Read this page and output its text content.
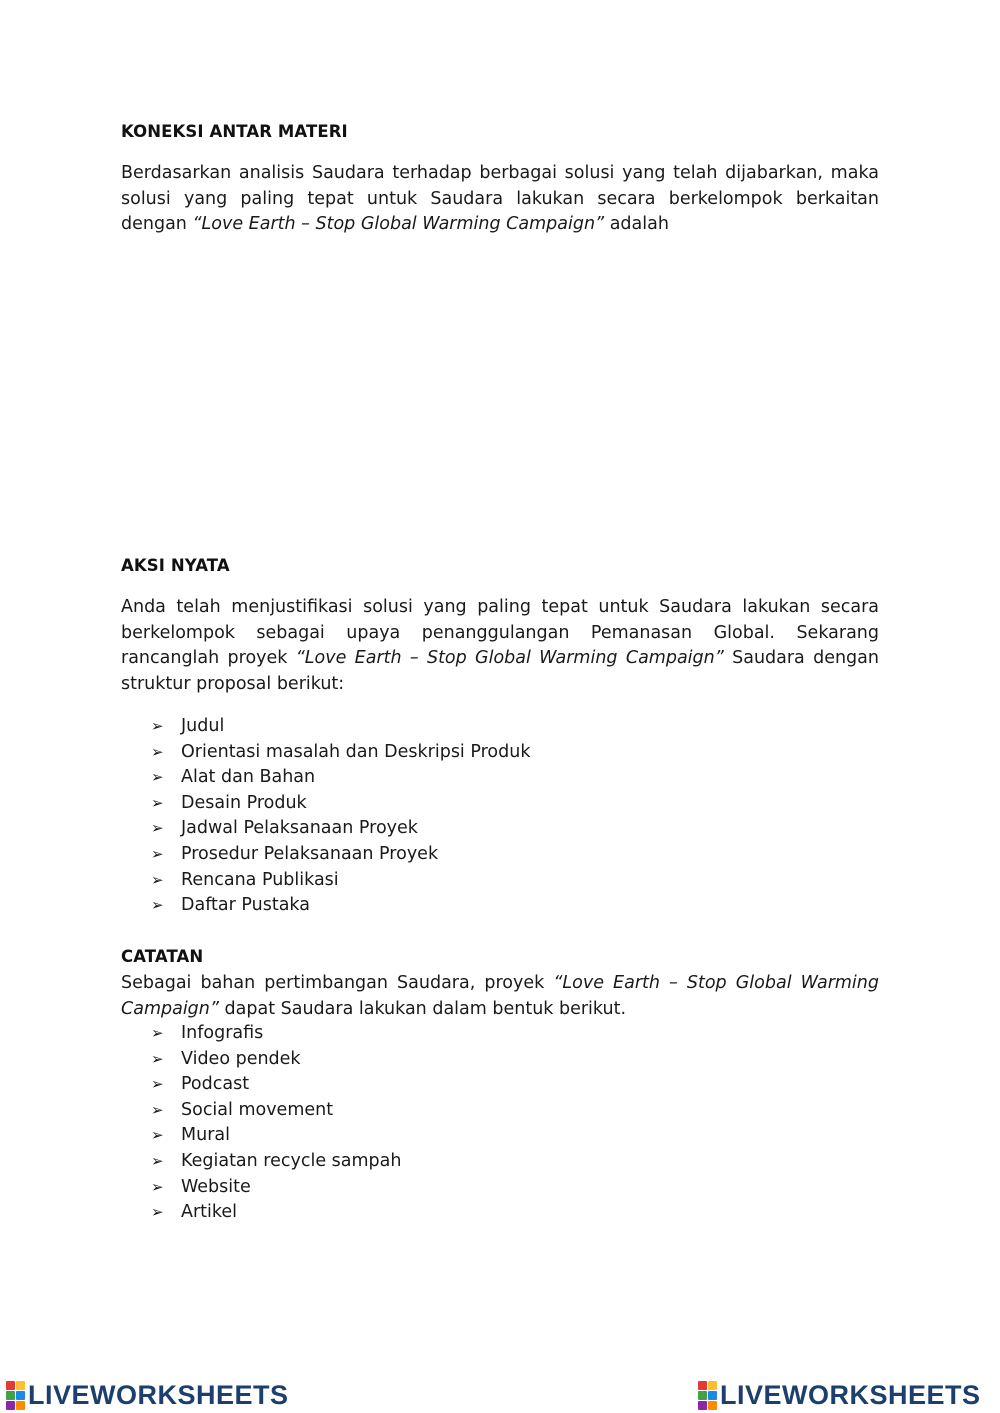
KONEKSI ANTAR MATERI
Berdasarkan analisis Saudara terhadap berbagai solusi yang telah dijabarkan, maka solusi yang paling tepat untuk Saudara lakukan secara berkelompok berkaitan dengan “Love Earth – Stop Global Warming Campaign” adalah
AKSI NYATA
Anda telah menjustifikasi solusi yang paling tepat untuk Saudara lakukan secara berkelompok sebagai upaya penanggulangan Pemanasan Global. Sekarang rancanglah proyek “Love Earth – Stop Global Warming Campaign” Saudara dengan struktur proposal berikut:
➢ Judul
➢ Orientasi masalah dan Deskripsi Produk
➢ Alat dan Bahan
➢ Desain Produk
➢ Jadwal Pelaksanaan Proyek
➢ Prosedur Pelaksanaan Proyek
➢ Rencana Publikasi
➢ Daftar Pustaka
CATATAN
Sebagai bahan pertimbangan Saudara, proyek “Love Earth – Stop Global Warming Campaign” dapat Saudara lakukan dalam bentuk berikut.
➢ Infografis
➢ Video pendek
➢ Podcast
➢ Social movement
➢ Mural
➢ Kegiatan recycle sampah
➢ Website
➢ Artikel
LIVEWORKSHEETS	LIVEWORKSHEETS
